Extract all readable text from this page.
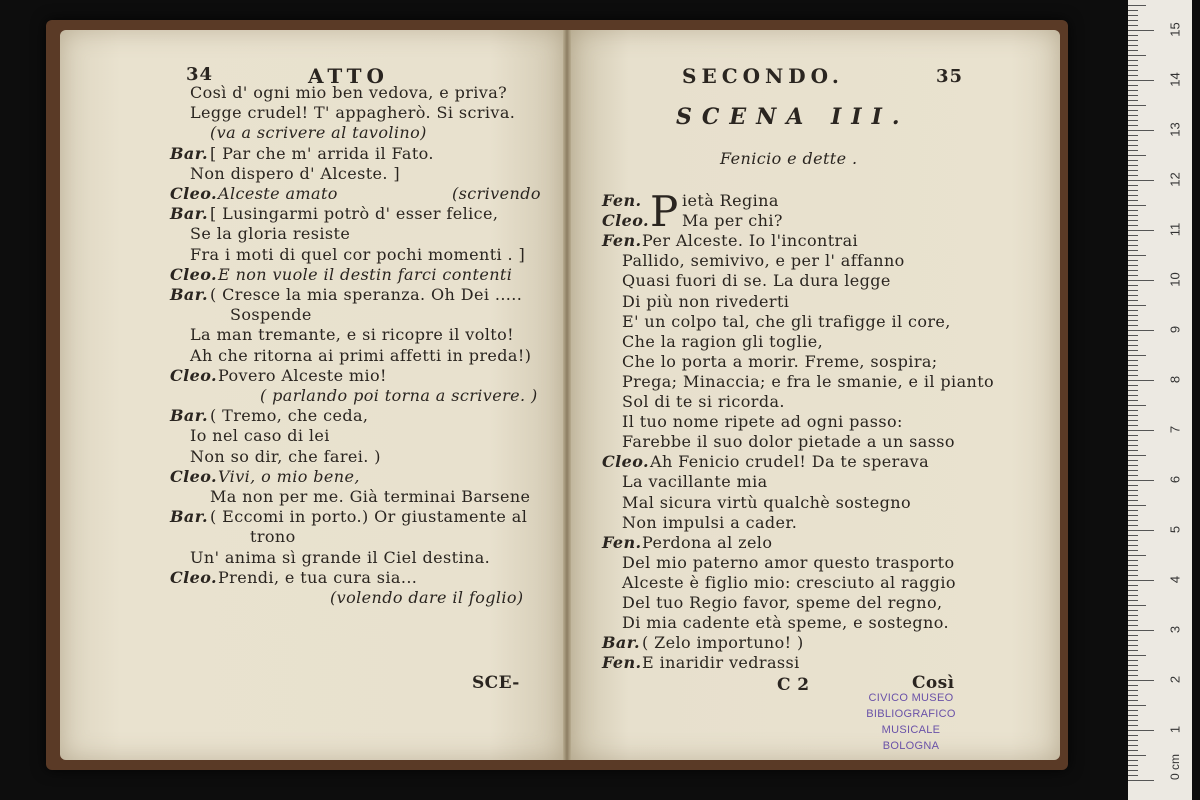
34	ATTO
SCE-
SECONDO.	35
SCENA III.
Fenicio e dette .
P
C 2	Così
CIVICO MUSEO
BIBLIOGRAFICO MUSICALE
BOLOGNA
1
2
3
4
5
6
7
8
9
10
11
12
13
14
15
0 cm
Così d' ogni mio ben vedova, e priva?
Legge crudel! T' appagherò. Si scriva.
(va a scrivere al tavolino)
Bar. [ Par che m' arrida il Fato.
Non dispero d' Alceste. ]
Cleo. Alceste amato	(scrivendo
Bar. [ Lusingarmi potrò d' esser felice,
Se la gloria resiste
Fra i moti di quel cor pochi momenti . ]
Cleo. E non vuole il destin farci contenti
Bar. ( Cresce la mia speranza. Oh Dei .....
Sospende
La man tremante, e si ricopre il volto!
Ah che ritorna ai primi affetti in preda!)
Cleo. Povero Alceste mio!
( parlando poi torna a scrivere. )
Bar. ( Tremo, che ceda,
Io nel caso di lei
Non so dir, che farei. )
Cleo. Vivi, o mio bene,
Ma non per me. Già terminai Barsene
Bar. ( Eccomi in porto.) Or giustamente al
trono
Un' anima sì grande il Ciel destina.
Cleo. Prendi, e tua cura sia...
(volendo dare il foglio)
Fen.	ietà Regina
Cleo. Ma per chi?
Fen. Per Alceste. Io l'incontrai
Pallido, semivivo, e per l' affanno
Quasi fuori di se. La dura legge
Di più non rivederti
E' un colpo tal, che gli trafigge il core,
Che la ragion gli toglie,
Che lo porta a morir. Freme, sospira;
Prega; Minaccia; e fra le smanie, e il pianto
Sol di te si ricorda.
Il tuo nome ripete ad ogni passo:
Farebbe il suo dolor pietade a un sasso
Cleo. Ah Fenicio crudel! Da te sperava
La vacillante mia
Mal sicura virtù qualchè sostegno
Non impulsi a cader.
Fen. Perdona al zelo
Del mio paterno amor questo trasporto
Alceste è figlio mio: cresciuto al raggio
Del tuo Regio favor, speme del regno,
Di mia cadente età speme, e sostegno.
Bar. ( Zelo importuno! )
Fen. E inaridir vedrassi
